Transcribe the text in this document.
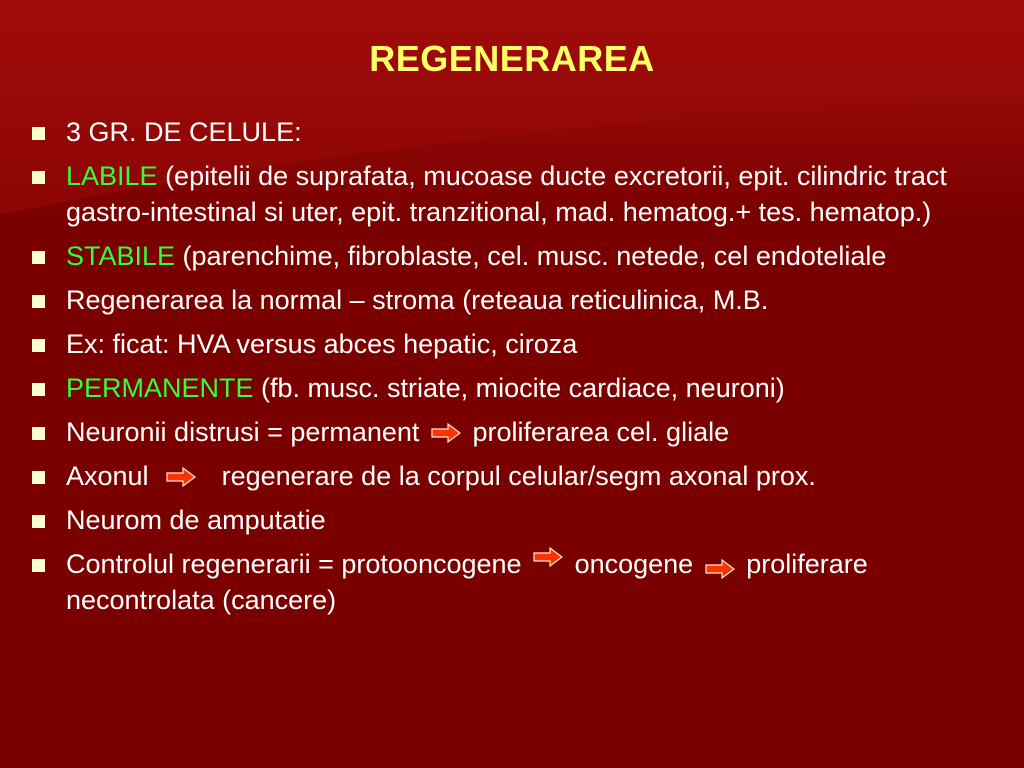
REGENERAREA
3 GR. DE CELULE:
LABILE (epitelii de suprafata, mucoase ducte excretorii, epit. cilindric tract gastro-intestinal si uter, epit. tranzitional, mad. hematog.+ tes. hematop.)
STABILE (parenchime, fibroblaste, cel. musc. netede, cel endoteliale
Regenerarea la normal – stroma (reteaua reticulinica, M.B.
Ex: ficat: HVA versus abces hepatic, ciroza
PERMANENTE (fb. musc. striate, miocite cardiace, neuroni)
Neuronii distrusi = permanent proliferarea cel. gliale
Axonul	regenerare de la corpul celular/segm axonal prox.
Neurom de amputatie
Controlul regenerarii = protooncogene oncogene proliferare necontrolata (cancere)
